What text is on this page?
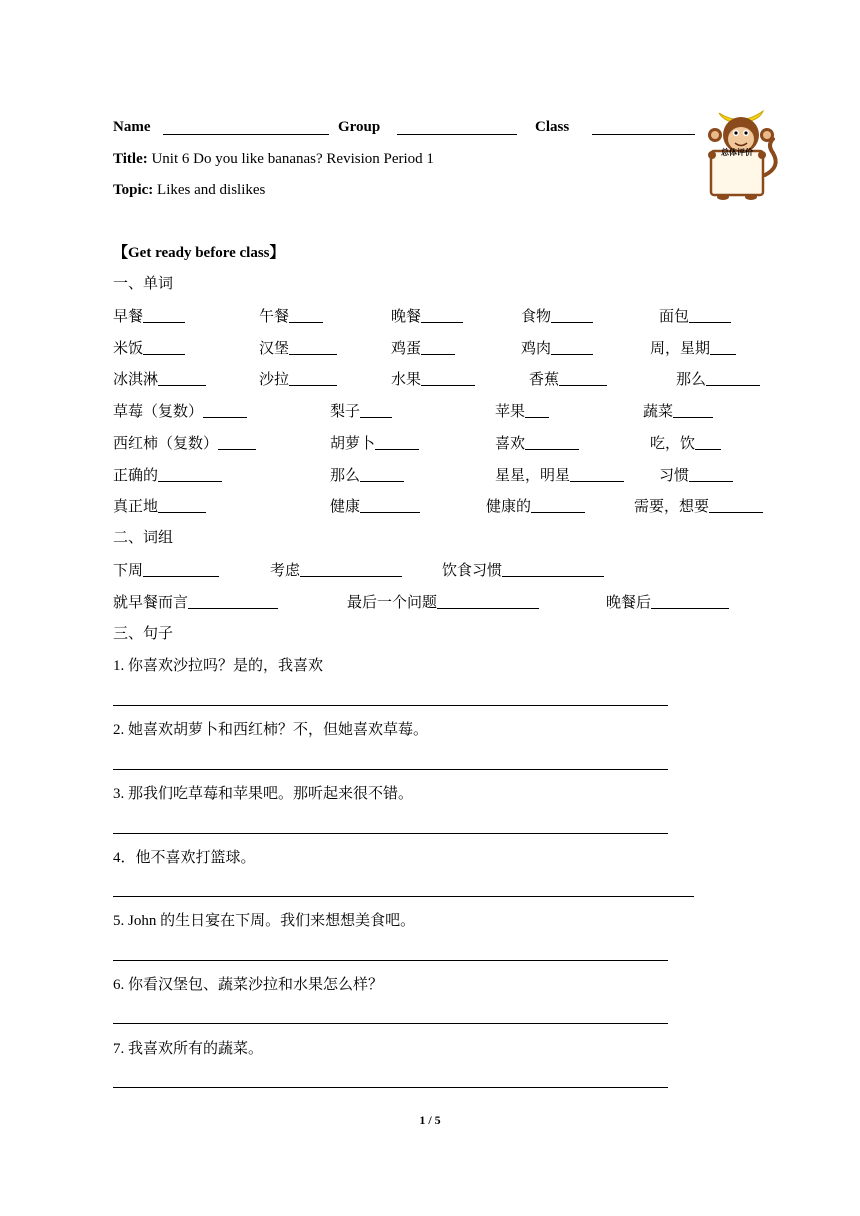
Name	Group	Class
Title: Unit 6 Do you like bananas? Revision Period 1
Topic: Likes and dislikes
总体评价
【Get ready before class】
一、单词
早餐	午餐	晚餐	食物	面包
米饭	汉堡	鸡蛋	鸡肉	周，星期
冰淇淋	沙拉	水果	香蕉	那么
草莓（复数）	梨子	苹果	蔬菜
西红柿（复数）	胡萝卜	喜欢	吃，饮
正确的	那么	星星，明星	习惯
真正地	健康	健康的	需要，想要
二、词组
下周	考虑	饮食习惯
就早餐而言	最后一个问题	晚餐后
三、句子
1. 你喜欢沙拉吗？是的，我喜欢
2. 她喜欢胡萝卜和西红柿？不，但她喜欢草莓。
3. 那我们吃草莓和苹果吧。那听起来很不错。
4．他不喜欢打篮球。
5. John 的生日宴在下周。我们来想想美食吧。
6. 你看汉堡包、蔬菜沙拉和水果怎么样？
7. 我喜欢所有的蔬菜。
1 / 5
